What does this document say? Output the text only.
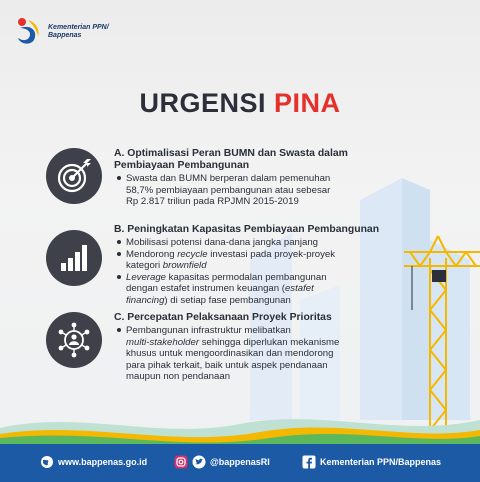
Kementerian PPN/
Bappenas
URGENSI PINA
A. Optimalisasi Peran BUMN dan Swasta dalam
Pembiayaan Pembangunan
Swasta dan BUMN berperan dalam pemenuhan
58,7% pembiayaan pembangunan atau sebesar
Rp 2.817 triliun pada RPJMN 2015-2019
B. Peningkatan Kapasitas Pembiayaan Pembangunan
Mobilisasi potensi dana-dana jangka panjang
Mendorong recycle investasi pada proyek-proyek
kategori brownfield
Leverage kapasitas permodalan pembangunan
dengan estafet instrumen keuangan (estafet
financing) di setiap fase pembangunan
C. Percepatan Pelaksanaan Proyek Prioritas
Pembangunan infrastruktur melibatkan
multi-stakeholder sehingga diperlukan mekanisme
khusus untuk mengoordinasikan dan mendorong
para pihak terkait, baik untuk aspek pendanaan
maupun non pendanaan
www.bappenas.go.id	@bappenasRI	Kementerian PPN/Bappenas
